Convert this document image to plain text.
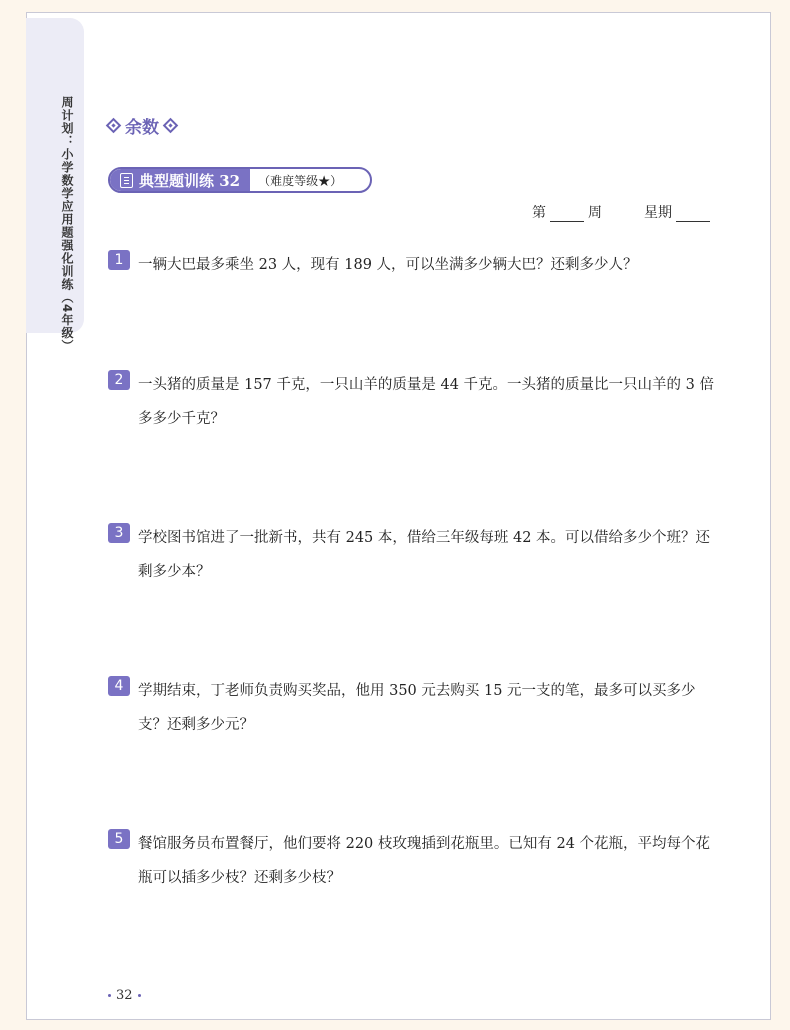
周计划：小学数学应用题强化训练（4年级）	余数
典型题训练 32	（难度等级★）
第	周	星期
1	一辆大巴最多乘坐 23 人，现有 189 人，可以坐满多少辆大巴？还剩多少人？

2	一头猪的质量是 157 千克，一只山羊的质量是 44 千克。一头猪的质量比一只山羊的 3 倍多多少千克？

3	学校图书馆进了一批新书，共有 245 本，借给三年级每班 42 本。可以借给多少个班？还剩多少本？

4	学期结束，丁老师负责购买奖品，他用 350 元去购买 15 元一支的笔，最多可以买多少支？还剩多少元？

5	餐馆服务员布置餐厅，他们要将 220 枝玫瑰插到花瓶里。已知有 24 个花瓶，平均每个花瓶可以插多少枝？还剩多少枝？

32
